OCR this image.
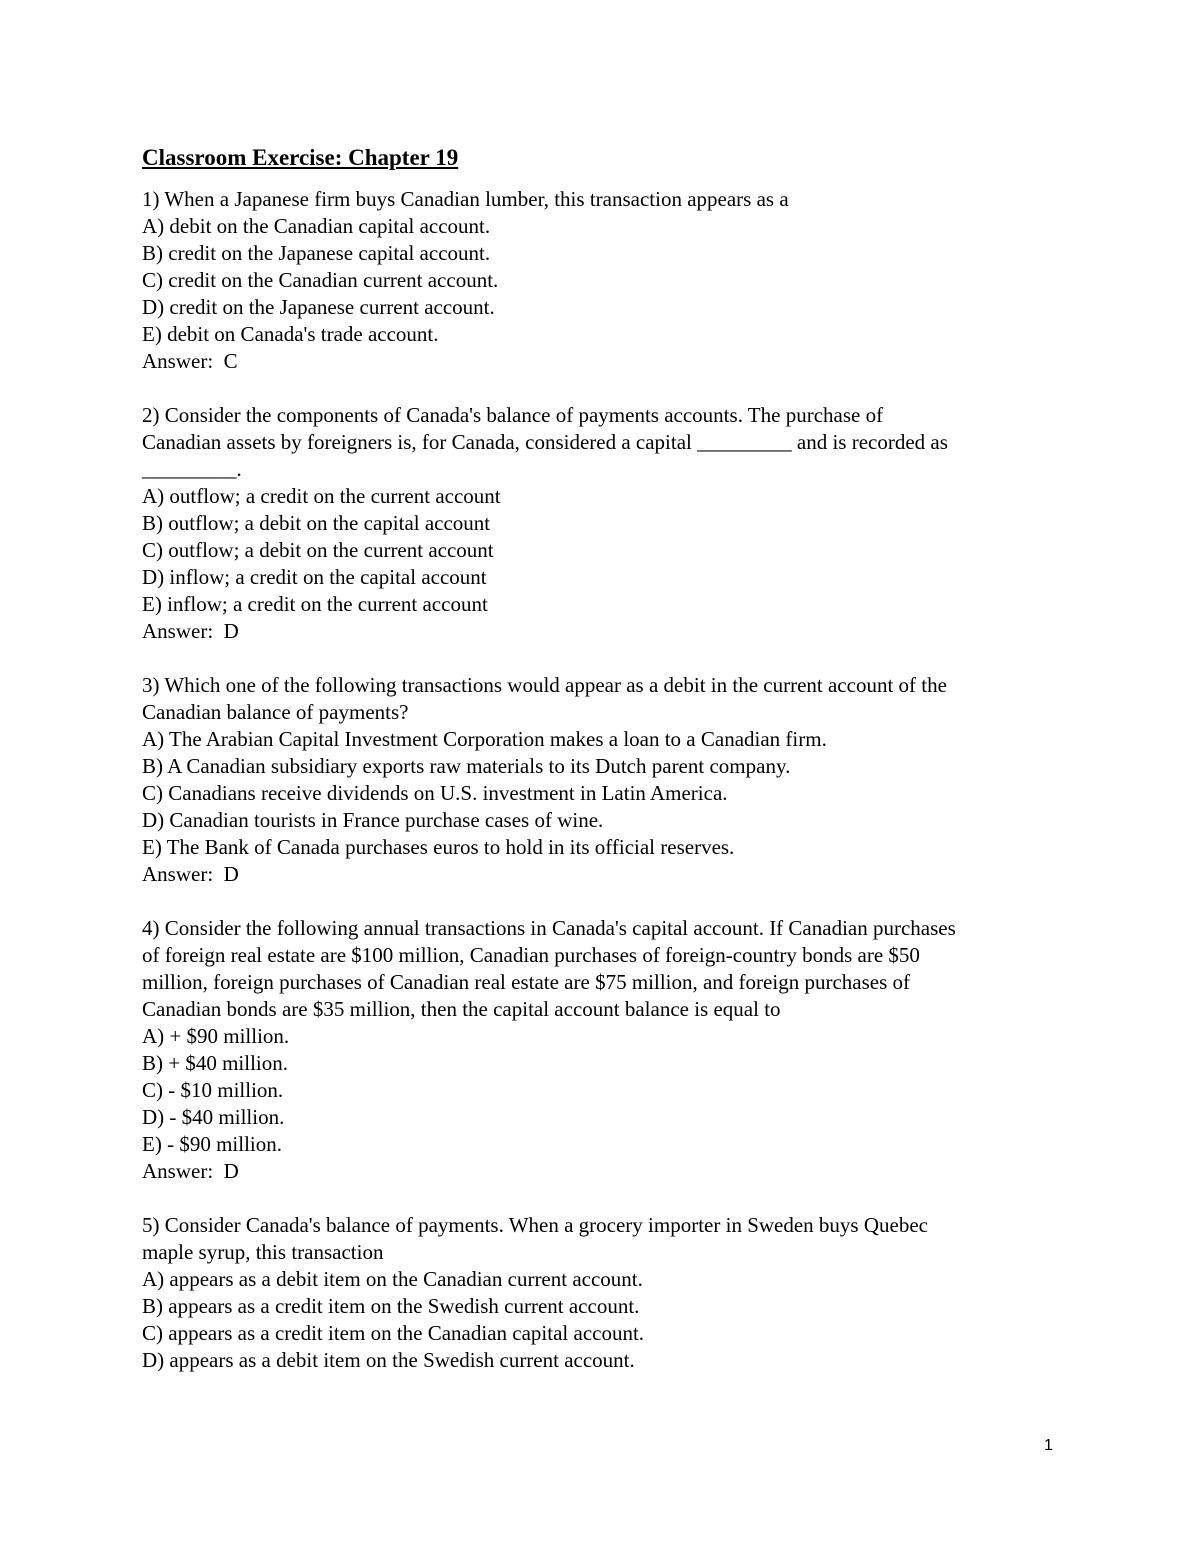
Classroom Exercise: Chapter 19
1) When a Japanese firm buys Canadian lumber, this transaction appears as a
A) debit on the Canadian capital account.
B) credit on the Japanese capital account.
C) credit on the Canadian current account.
D) credit on the Japanese current account.
E) debit on Canada's trade account.
Answer:  C
2) Consider the components of Canada's balance of payments accounts. The purchase of
Canadian assets by foreigners is, for Canada, considered a capital _________ and is recorded as
_________.
A) outflow; a credit on the current account
B) outflow; a debit on the capital account
C) outflow; a debit on the current account
D) inflow; a credit on the capital account
E) inflow; a credit on the current account
Answer:  D
3) Which one of the following transactions would appear as a debit in the current account of the
Canadian balance of payments?
A) The Arabian Capital Investment Corporation makes a loan to a Canadian firm.
B) A Canadian subsidiary exports raw materials to its Dutch parent company.
C) Canadians receive dividends on U.S. investment in Latin America.
D) Canadian tourists in France purchase cases of wine.
E) The Bank of Canada purchases euros to hold in its official reserves.
Answer:  D
4) Consider the following annual transactions in Canada's capital account. If Canadian purchases
of foreign real estate are $100 million, Canadian purchases of foreign-country bonds are $50
million, foreign purchases of Canadian real estate are $75 million, and foreign purchases of
Canadian bonds are $35 million, then the capital account balance is equal to
A) + $90 million.
B) + $40 million.
C) - $10 million.
D) - $40 million.
E) - $90 million.
Answer:  D
5) Consider Canada's balance of payments. When a grocery importer in Sweden buys Quebec
maple syrup, this transaction
A) appears as a debit item on the Canadian current account.
B) appears as a credit item on the Swedish current account.
C) appears as a credit item on the Canadian capital account.
D) appears as a debit item on the Swedish current account.
1
